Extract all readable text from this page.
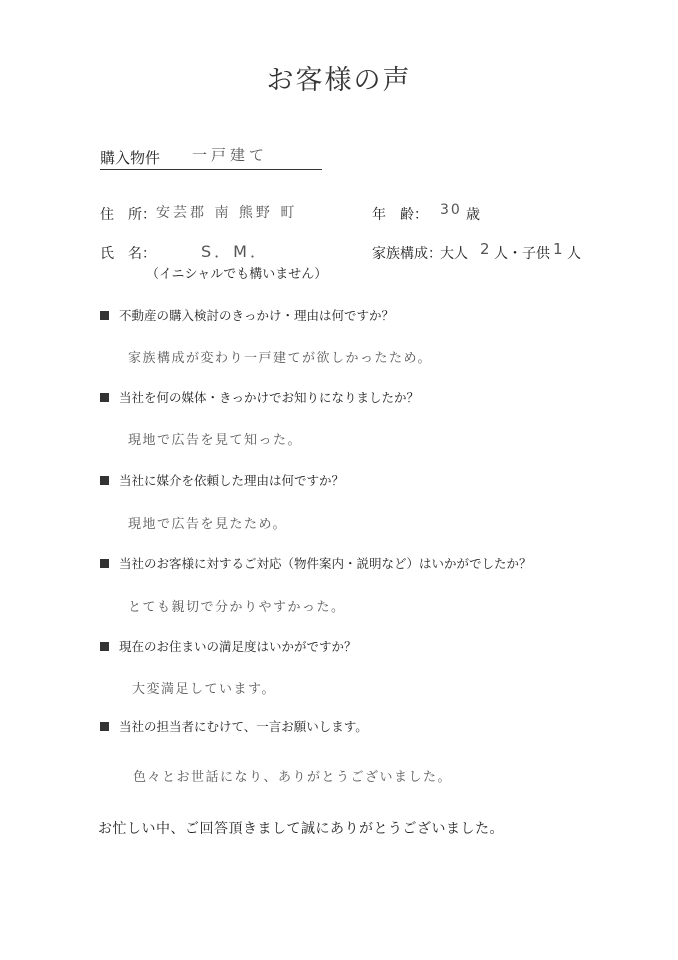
お客様の声
購入物件 一戸建て
住　所： 安芸郡 南 熊野 町	年　齢： 30 歳
氏　名：	S．M．
（イニシャルでも構いません）
家族構成：
大人 2 人・子供 1 人
不動産の購入検討のきっかけ・理由は何ですか？
家族構成が変わり一戸建てが欲しかったため。
当社を何の媒体・きっかけでお知りになりましたか？
現地で広告を見て知った。
当社に媒介を依頼した理由は何ですか？
現地で広告を見たため。
当社のお客様に対するご対応（物件案内・説明など）はいかがでしたか？
とても親切で分かりやすかった。
現在のお住まいの満足度はいかがですか？
大変満足しています。
当社の担当者にむけて、一言お願いします。
色々とお世話になり、ありがとうございました。
お忙しい中、ご回答頂きまして誠にありがとうございました。
